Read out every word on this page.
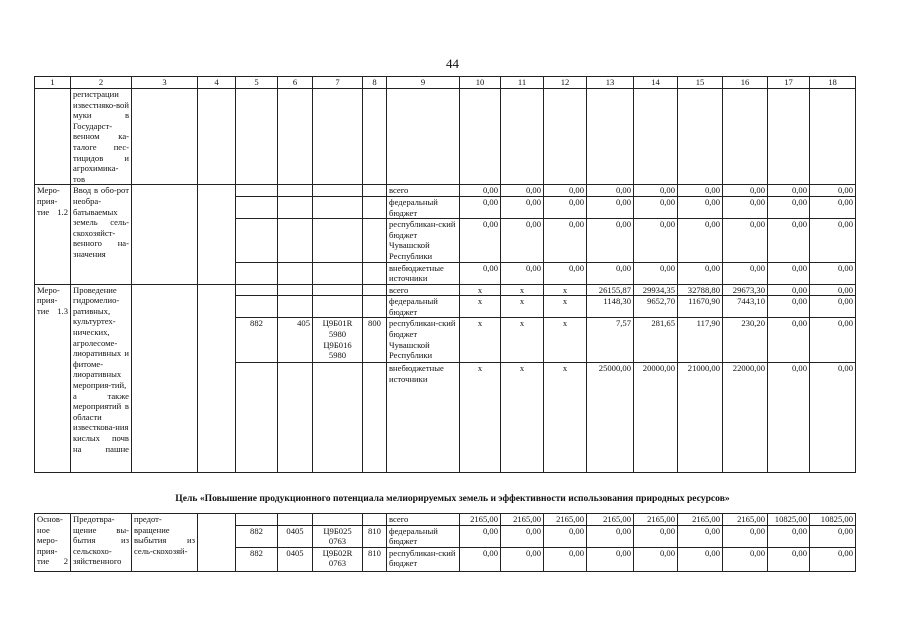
44
1	2	3	4	5	6	7	8	9	10	11	12	13	14	15	16	17	18
	регистрации известняко-вой муки в Государст-венном ка-талоге пес-тицидов и агрохимика-тов																
Меро-прия-тие 1.2	Ввод в обо-рот необра-батываемых земель сель-скохозяйст-венного на-значения							всего	0,00	0,00	0,00	0,00	0,00	0,00	0,00	0,00	0,00
								федеральный бюджет	0,00	0,00	0,00	0,00	0,00	0,00	0,00	0,00	0,00
								республикан-ский бюджет Чувашской Республики	0,00	0,00	0,00	0,00	0,00	0,00	0,00	0,00	0,00
								внебюджетные источники	0,00	0,00	0,00	0,00	0,00	0,00	0,00	0,00	0,00
Меро-прия-тие 1.3	Проведение гидромелио-ративных, культуртех-нических, агролесоме-лиоративных и фитоме-лиоративных мероприя-тий, а также мероприятий в области известкова-ния кислых почв на пашне							всего	x	x	x	26155,87	29934,35	32788,80	29673,30	0,00	0,00
								федеральный бюджет	x	x	x	1148,30	9652,70	11670,90	7443,10	0,00	0,00
				882	405	Ц9Б01R 5980 Ц9Б016 5980	800	республикан-ский бюджет Чувашской Республики	x	x	x	7,57	281,65	117,90	230,20	0,00	0,00
								внебюджетные источники	x	x	x	25000,00	20000,00	21000,00	22000,00	0,00	0,00
Цель «Повышение продукционного потенциала мелиорируемых земель и эффективности использования природных ресурсов»
Основ-ное меро-прия-тие 2	Предотвра-щение вы-бытия из сельскохо-зяйственного	предот-вращение выбытия из сель-скохозяй-						всего	2165,00	2165,00	2165,00	2165,00	2165,00	2165,00	2165,00	10825,00	10825,00
				882	0405	Ц9Б025 0763	810	федеральный бюджет	0,00	0,00	0,00	0,00	0,00	0,00	0,00	0,00	0,00
				882	0405	Ц9Б02R 0763	810	республикан-ский бюджет	0,00	0,00	0,00	0,00	0,00	0,00	0,00	0,00	0,00
